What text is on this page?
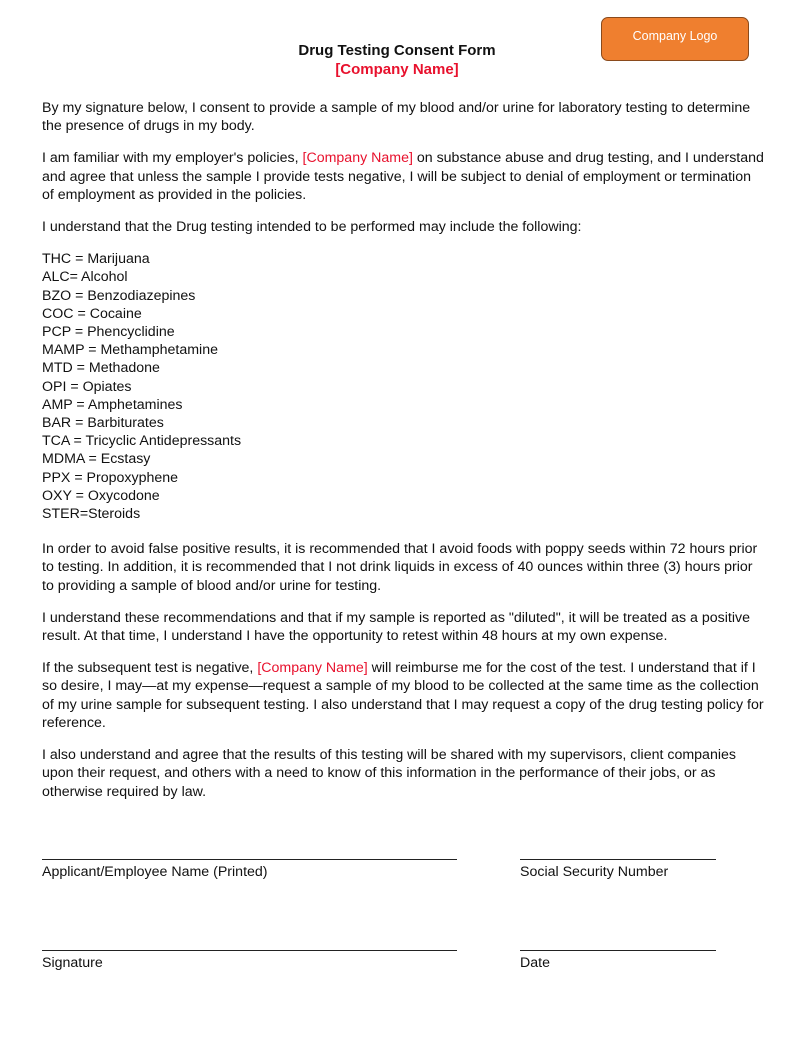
Company Logo
Drug Testing Consent Form
[Company Name]

By my signature below, I consent to provide a sample of my blood and/or urine for laboratory testing to determine the presence of drugs in my body.

I am familiar with my employer's policies, [Company Name] on substance abuse and drug testing, and I understand and agree that unless the sample I provide tests negative, I will be subject to denial of employment or termination of employment as provided in the policies.

I understand that the Drug testing intended to be performed may include the following:

THC = Marijuana
ALC= Alcohol
BZO = Benzodiazepines
COC = Cocaine
PCP = Phencyclidine
MAMP = Methamphetamine
MTD = Methadone
OPI = Opiates
AMP = Amphetamines
BAR = Barbiturates
TCA = Tricyclic Antidepressants
MDMA = Ecstasy
PPX = Propoxyphene
OXY = Oxycodone
STER=Steroids

In order to avoid false positive results, it is recommended that I avoid foods with poppy seeds within 72 hours prior to testing. In addition, it is recommended that I not drink liquids in excess of 40 ounces within three (3) hours prior to providing a sample of blood and/or urine for testing.

I understand these recommendations and that if my sample is reported as "diluted", it will be treated as a positive result. At that time, I understand I have the opportunity to retest within 48 hours at my own expense.

If the subsequent test is negative, [Company Name] will reimburse me for the cost of the test. I understand that if I so desire, I may—at my expense—request a sample of my blood to be collected at the same time as the collection of my urine sample for subsequent testing. I also understand that I may request a copy of the drug testing policy for reference.

I also understand and agree that the results of this testing will be shared with my supervisors, client companies upon their request, and others with a need to know of this information in the performance of their jobs, or as otherwise required by law.

Applicant/Employee Name (Printed)	Social Security Number
Signature	Date
